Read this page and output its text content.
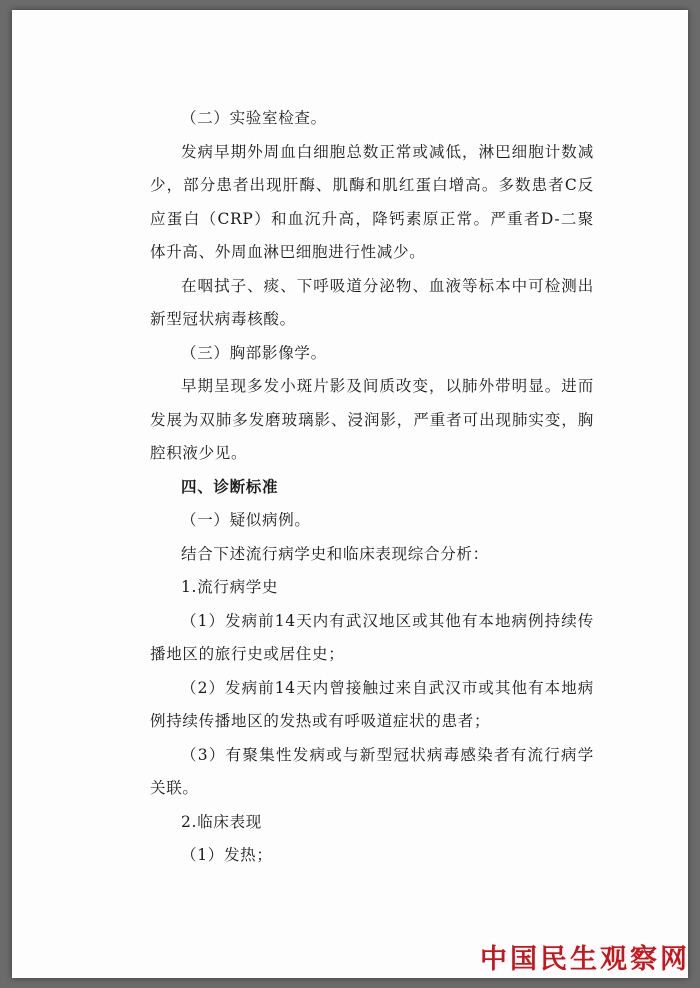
（二）实验室检查。

发病早期外周血白细胞总数正常或减低，淋巴细胞计数减少，部分患者出现肝酶、肌酶和肌红蛋白增高。多数患者C反应蛋白（CRP）和血沉升高，降钙素原正常。严重者D-二聚体升高、外周血淋巴细胞进行性减少。

在咽拭子、痰、下呼吸道分泌物、血液等标本中可检测出新型冠状病毒核酸。

（三）胸部影像学。

早期呈现多发小斑片影及间质改变，以肺外带明显。进而发展为双肺多发磨玻璃影、浸润影，严重者可出现肺实变，胸腔积液少见。

四、诊断标准

（一）疑似病例。

结合下述流行病学史和临床表现综合分析：

1.流行病学史

（1）发病前14天内有武汉地区或其他有本地病例持续传播地区的旅行史或居住史；

（2）发病前14天内曾接触过来自武汉市或其他有本地病例持续传播地区的发热或有呼吸道症状的患者；

（3）有聚集性发病或与新型冠状病毒感染者有流行病学关联。

2.临床表现

（1）发热；

中国民生观察网
